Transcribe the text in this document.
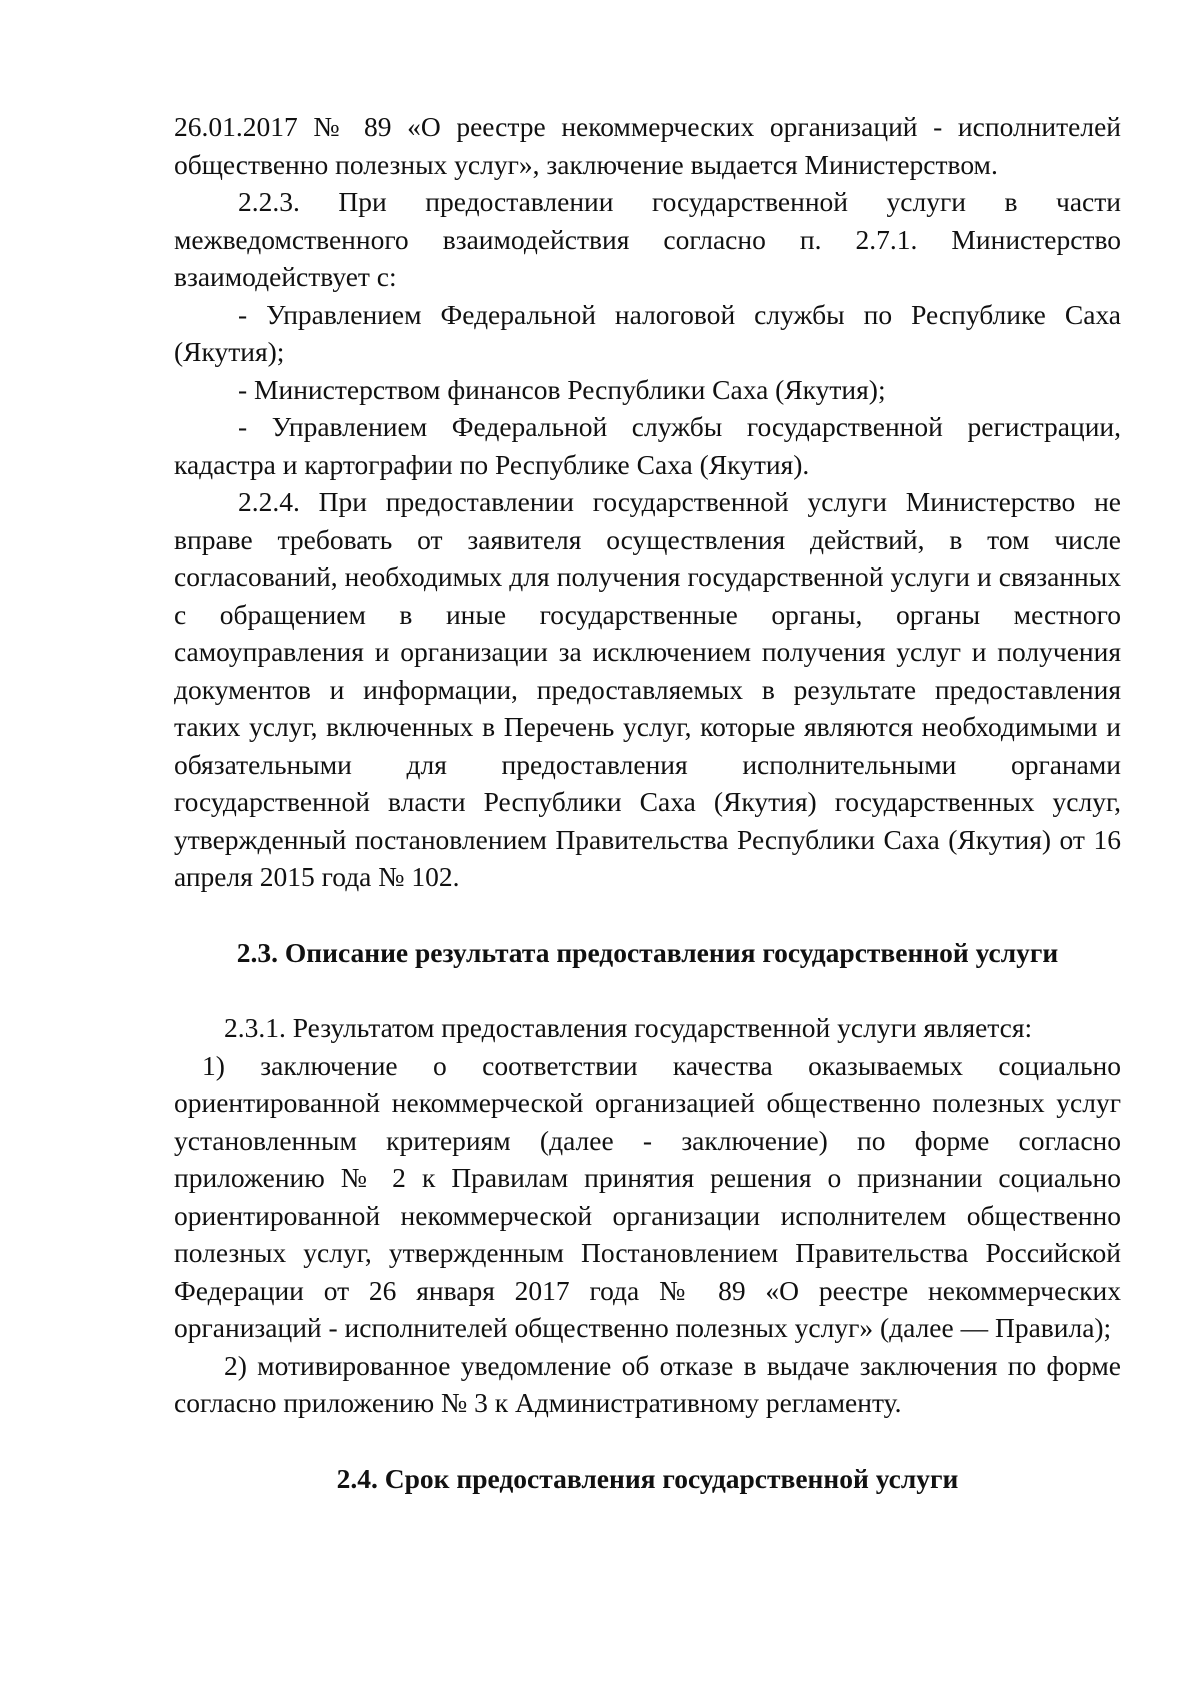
26.01.2017 № 89 «О реестре некоммерческих организаций - исполнителей общественно полезных услуг», заключение выдается Министерством.

2.2.3. При предоставлении государственной услуги в части межведомственного взаимодействия согласно п. 2.7.1. Министерство взаимодействует с:

- Управлением Федеральной налоговой службы по Республике Саха (Якутия);

- Министерством финансов Республики Саха (Якутия);

- Управлением Федеральной службы государственной регистрации, кадастра и картографии по Республике Саха (Якутия).

2.2.4. При предоставлении государственной услуги Министерство не вправе требовать от заявителя осуществления действий, в том числе согласований, необходимых для получения государственной услуги и связанных с обращением в иные государственные органы, органы местного самоуправления и организации за исключением получения услуг и получения документов и информации, предоставляемых в результате предоставления таких услуг, включенных в Перечень услуг, которые являются необходимыми и обязательными для предоставления исполнительными органами государственной власти Республики Саха (Якутия) государственных услуг, утвержденный постановлением Правительства Республики Саха (Якутия) от 16 апреля 2015 года № 102.

2.3. Описание результата предоставления государственной услуги

2.3.1. Результатом предоставления государственной услуги является:

1) заключение о соответствии качества оказываемых социально ориентированной некоммерческой организацией общественно полезных услуг установленным критериям (далее - заключение) по форме согласно приложению № 2 к Правилам принятия решения о признании социально ориентированной некоммерческой организации исполнителем общественно полезных услуг, утвержденным Постановлением Правительства Российской Федерации от 26 января 2017 года № 89 «О реестре некоммерческих организаций - исполнителей общественно полезных услуг» (далее — Правила);

2) мотивированное уведомление об отказе в выдаче заключения по форме согласно приложению № 3 к Административному регламенту.

2.4. Срок предоставления государственной услуги
